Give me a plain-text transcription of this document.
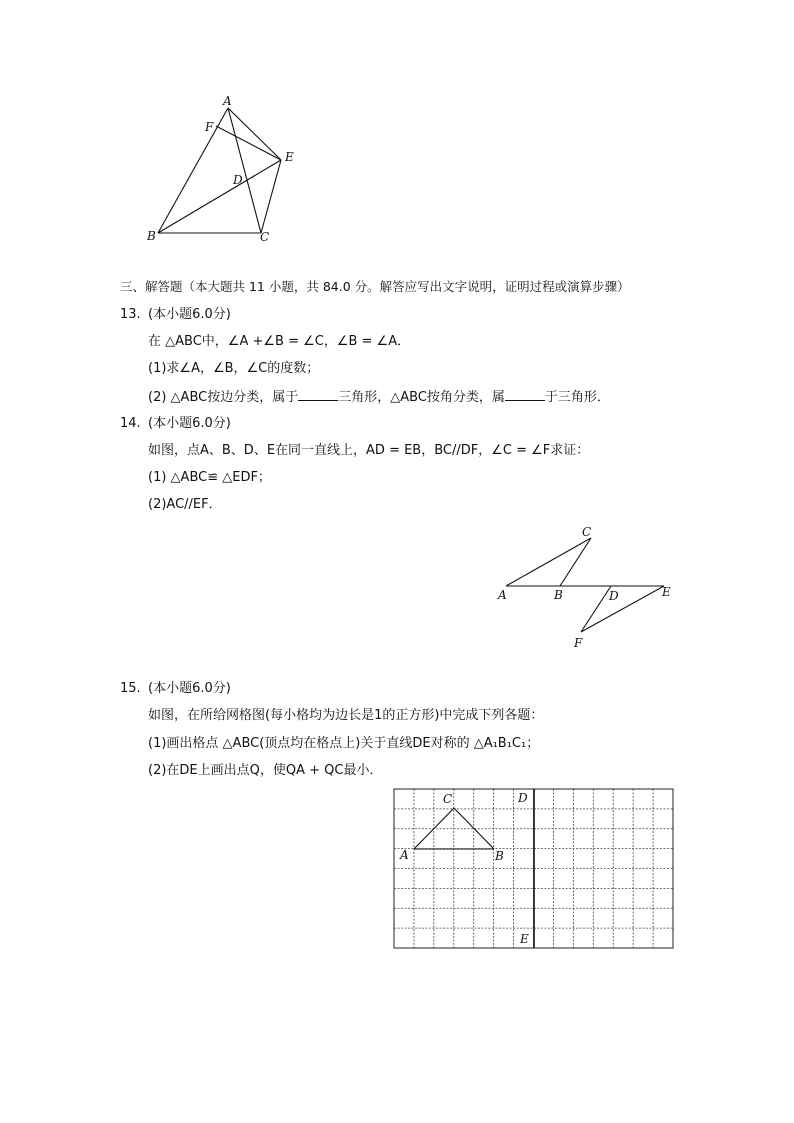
A
F
E
D
B	C
三、解答题（本大题共 11 小题，共 84.0 分。解答应写出文字说明，证明过程或演算步骤）
13. (本小题6.0分)
在 △ABC中，∠A +∠B = ∠C，∠B = ∠A．
(1)求∠A，∠B，∠C的度数；
(2) △ABC按边分类，属于	三角形，△ABC按角分类，属	于三角形．
14. (本小题6.0分)
如图，点A、B、D、E在同一直线上，AD = EB，BC//DF，∠C = ∠F求证：
(1) △ABC≌ △EDF；
(2)AC//EF．
C
A	B	D	E
F
15. (本小题6.0分)
如图，在所给网格图(每小格均为边长是1的正方形)中完成下列各题：
(1)画出格点 △ABC(顶点均在格点上)关于直线DE对称的 △A₁B₁C₁；
(2)在DE上画出点Q，使QA + QC最小．
C	D
A	B
E
